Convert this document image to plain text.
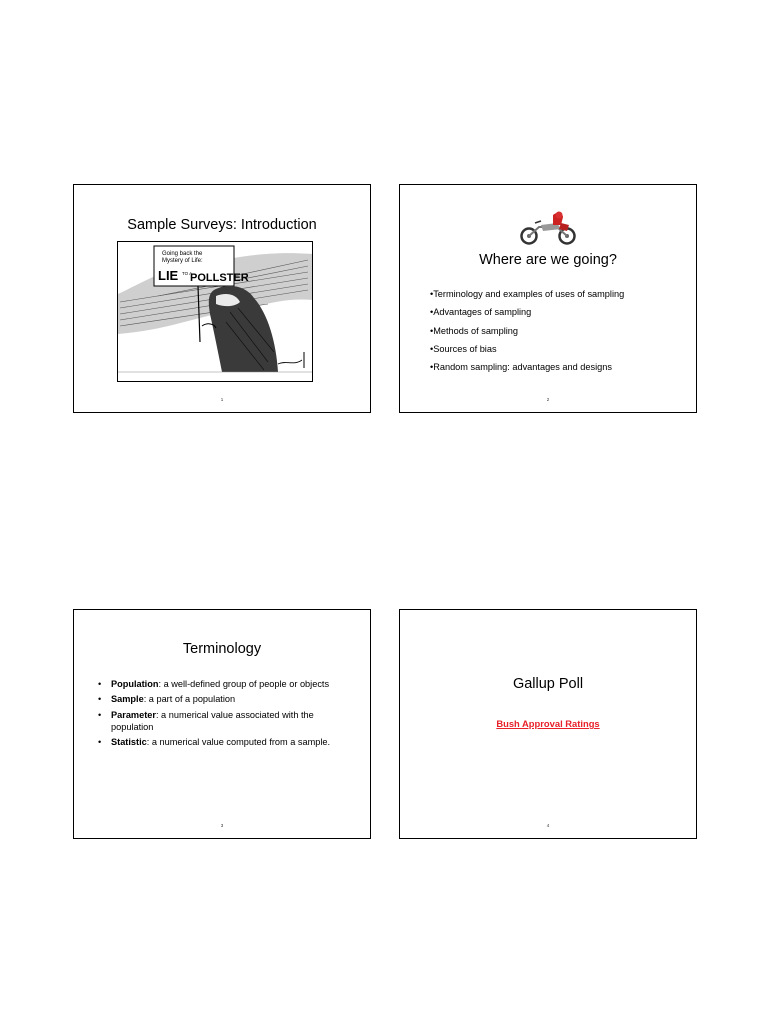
Sample Surveys: Introduction
Going back the
Mystery of Life:
LIE TO A
POLLSTER
1
Where are we going?
•Terminology and examples of uses of sampling
•Advantages of sampling
•Methods of sampling
•Sources of bias
•Random sampling: advantages and designs
2
Terminology
• Population: a well-defined group of people or objects
• Sample: a part of a population
• Parameter: a numerical value associated with the population
• Statistic: a numerical value computed from a sample.
3
Gallup Poll
Bush Approval Ratings
4
